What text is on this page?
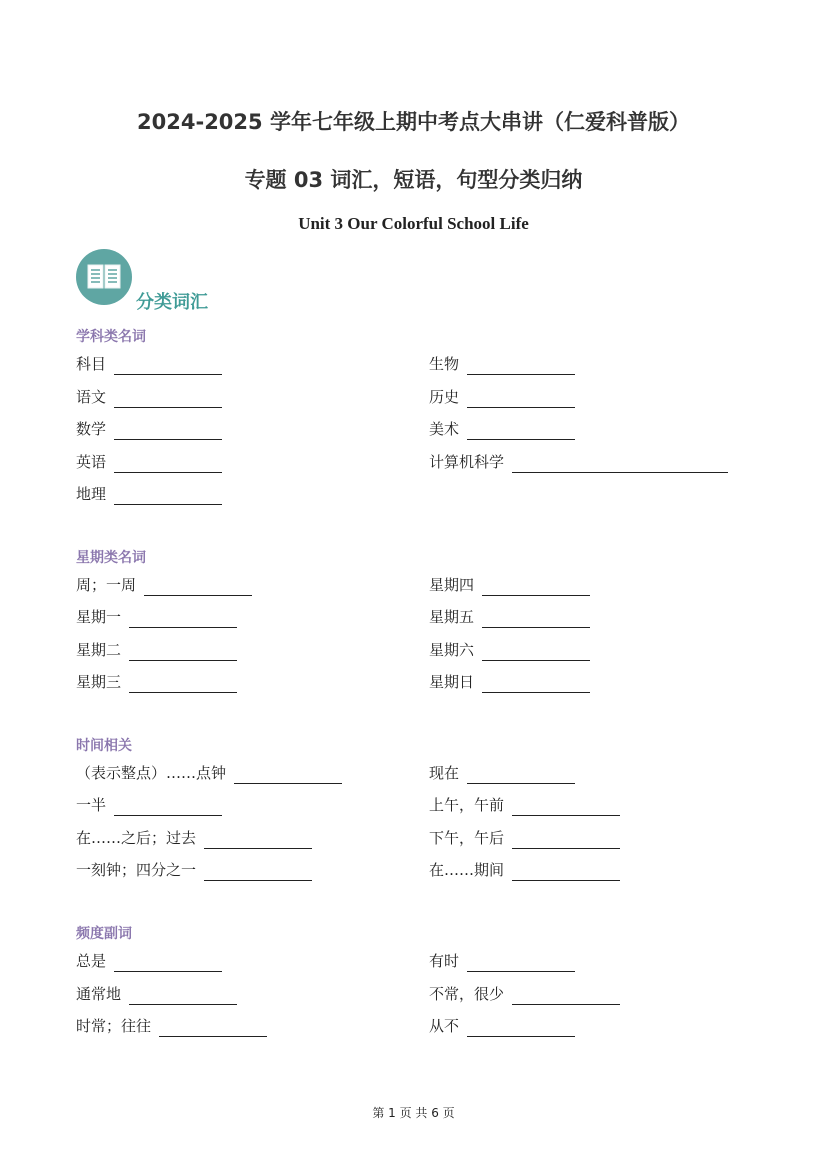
2024-2025 学年七年级上期中考点大串讲（仁爱科普版）
专题 03 词汇，短语，句型分类归纳
Unit 3 Our Colorful School Life
分类词汇
学科类名词
科目
语文
数学
英语
地理
生物
历史
美术
计算机科学
星期类名词
周；一周
星期一
星期二
星期三
星期四
星期五
星期六
星期日
时间相关
（表示整点）……点钟
一半
在……之后；过去
一刻钟；四分之一
现在
上午，午前
下午，午后
在……期间
频度副词
总是
通常地
时常；往往
有时
不常，很少
从不
第 1 页 共 6 页
